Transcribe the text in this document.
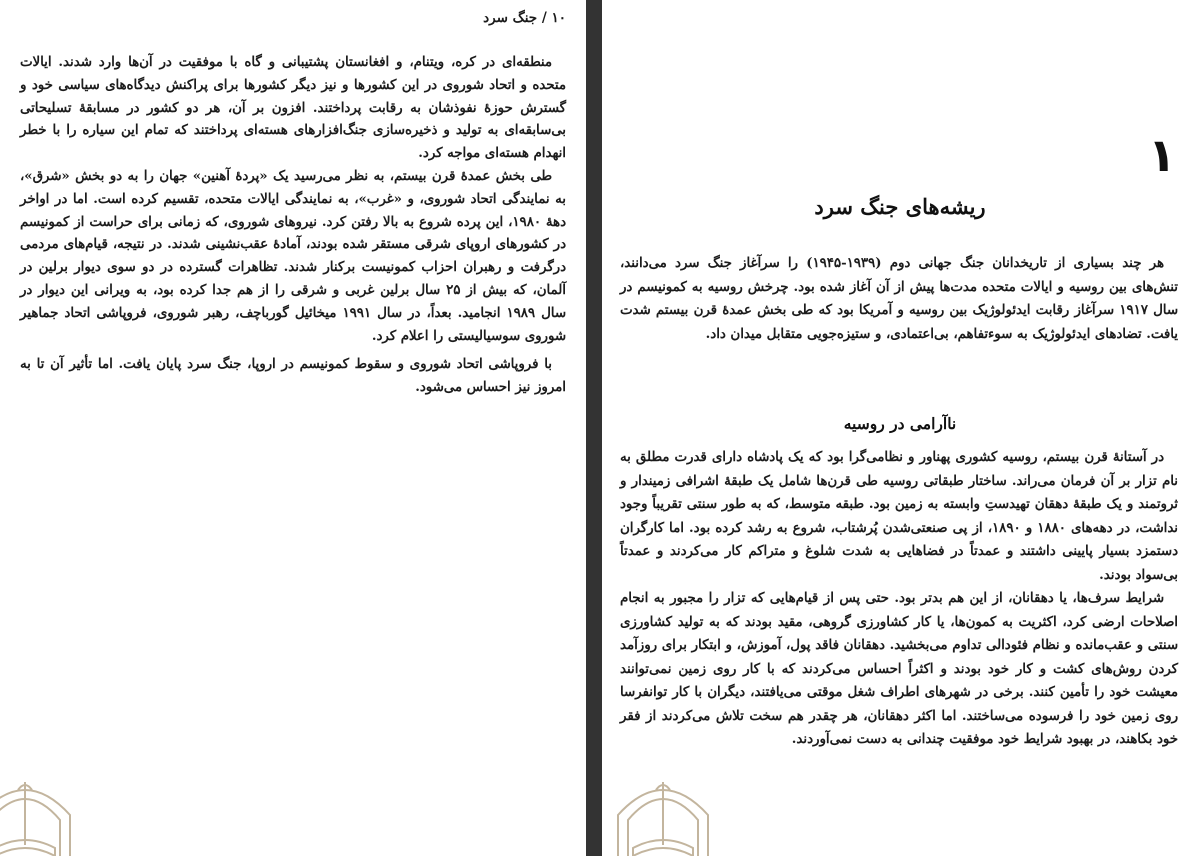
۱۰ / جنگ سرد

منطقه‌ای در کره، ویتنام، و افغانستان پشتیبانی و گاه با موفقیت در آن‌ها وارد شدند. ایالات متحده و اتحاد شوروی در این کشورها و نیز دیگر کشورها برای پراکنش دیدگاه‌های سیاسی خود و گسترش حوزهٔ نفوذشان به رقابت پرداختند. افزون بر آن، هر دو کشور در مسابقهٔ تسلیحاتی بی‌سابقه‌ای به تولید و ذخیره‌سازی جنگ‌افزارهای هسته‌ای پرداختند که تمام این سیاره را با خطر انهدام هسته‌ای مواجه کرد.

طی بخش عمدهٔ قرن بیستم، به نظر می‌رسید یک «پردهٔ آهنین» جهان را به دو بخش «شرق»، به نمایندگی اتحاد شوروی، و «غرب»، به نمایندگی ایالات متحده، تقسیم کرده است. اما در اواخر دههٔ ۱۹۸۰، این پرده شروع به بالا رفتن کرد. نیروهای شوروی، که زمانی برای حراست از کمونیسم در کشورهای اروپای شرقی مستقر شده بودند، آمادهٔ عقب‌نشینی شدند. در نتیجه، قیام‌های مردمی درگرفت و رهبران احزاب کمونیست برکنار شدند. تظاهرات گسترده در دو سوی دیوار برلین در آلمان، که بیش از ۲۵ سال برلین غربی و شرقی را از هم جدا کرده بود، به ویرانی این دیوار در سال ۱۹۸۹ انجامید. بعداً، در سال ۱۹۹۱ میخائیل گورباچف، رهبر شوروی، فروپاشی اتحاد جماهیر شوروی سوسیالیستی را اعلام کرد.

با فروپاشی اتحاد شوروی و سقوط کمونیسم در اروپا، جنگ سرد پایان یافت. اما تأثیر آن تا به امروز نیز احساس می‌شود.

۱
ریشه‌های جنگ سرد

هر چند بسیاری از تاریخدانان جنگ جهانی دوم (۱۹۳۹-۱۹۴۵) را سرآغاز جنگ سرد می‌دانند، تنش‌های بین روسیه و ایالات متحده مدت‌ها پیش از آن آغاز شده بود. چرخش روسیه به کمونیسم در سال ۱۹۱۷ سرآغاز رقابت ایدئولوژیک بین روسیه و آمریکا بود که طی بخش عمدهٔ قرن بیستم شدت یافت. تضادهای ایدئولوژیک به سوءتفاهم، بی‌اعتمادی، و ستیزه‌جویی متقابل میدان داد.

ناآرامی در روسیه

در آستانهٔ قرن بیستم، روسیه کشوری پهناور و نظامی‌گرا بود که یک پادشاه دارای قدرت مطلق به نام تزار بر آن فرمان می‌راند. ساختار طبقاتی روسیه طی قرن‌ها شامل یک طبقهٔ اشرافی زمیندار و ثروتمند و یک طبقهٔ دهقان تهیدستِ وابسته به زمین بود. طبقه متوسط، که به طور سنتی تقریباً وجود نداشت، در دهه‌های ۱۸۸۰ و ۱۸۹۰، از پی صنعتی‌شدن پُرشتاب، شروع به رشد کرده بود. اما کارگران دستمزد بسیار پایینی داشتند و عمدتاً در فضاهایی به شدت شلوغ و متراکم کار می‌کردند و عمدتاً بی‌سواد بودند.

شرایط سرف‌ها، یا دهقانان، از این هم بدتر بود. حتی پس از قیام‌هایی که تزار را مجبور به انجام اصلاحات ارضی کرد، اکثریت به کمون‌ها، یا کار کشاورزی گروهی، مقید بودند که به تولید کشاورزی سنتی و عقب‌مانده و نظام فئودالی تداوم می‌بخشید. دهقانان فاقد پول، آموزش، و ابتکار برای روزآمد کردن روش‌های کشت و کار خود بودند و اکثراً احساس می‌کردند که با کار روی زمین نمی‌توانند معیشت خود را تأمین کنند. برخی در شهرهای اطراف شغل موقتی می‌یافتند، دیگران با کار توانفرسا روی زمین خود را فرسوده می‌ساختند. اما اکثر دهقانان، هر چقدر هم سخت تلاش می‌کردند از فقر خود بکاهند، در بهبود شرایط خود موفقیت چندانی به دست نمی‌آوردند.
